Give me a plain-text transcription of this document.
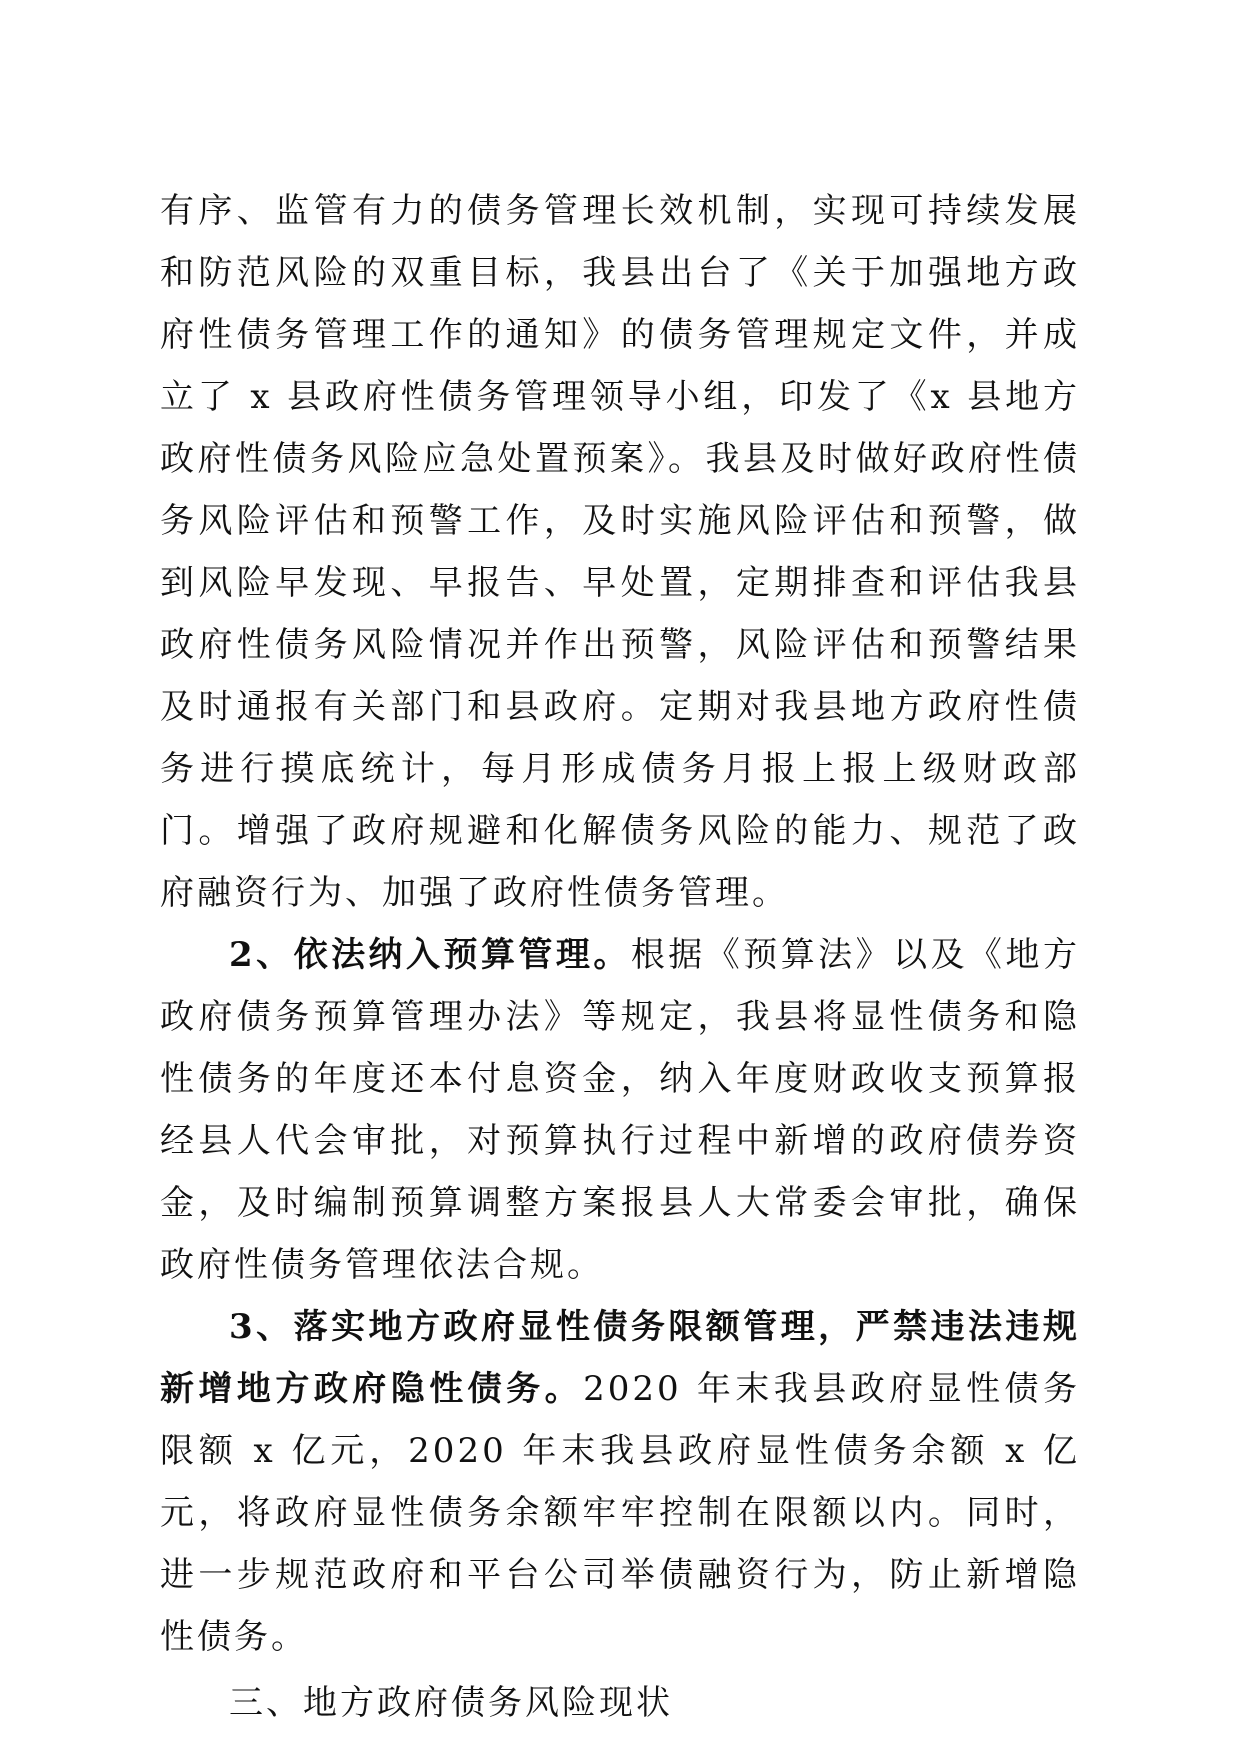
有序、监管有力的债务管理长效机制，实现可持续发展和防范风险的双重目标，我县出台了《关于加强地方政府性债务管理工作的通知》的债务管理规定文件，并成立了 x 县政府性债务管理领导小组，印发了《x 县地方政府性债务风险应急处置预案》。我县及时做好政府性债务风险评估和预警工作，及时实施风险评估和预警，做到风险早发现、早报告、早处置，定期排查和评估我县政府性债务风险情况并作出预警，风险评估和预警结果及时通报有关部门和县政府。定期对我县地方政府性债务进行摸底统计，每月形成债务月报上报上级财政部门。增强了政府规避和化解债务风险的能力、规范了政府融资行为、加强了政府性债务管理。

2、依法纳入预算管理。根据《预算法》以及《地方政府债务预算管理办法》等规定，我县将显性债务和隐性债务的年度还本付息资金，纳入年度财政收支预算报经县人代会审批，对预算执行过程中新增的政府债券资金，及时编制预算调整方案报县人大常委会审批，确保政府性债务管理依法合规。

3、落实地方政府显性债务限额管理，严禁违法违规新增地方政府隐性债务。2020 年末我县政府显性债务限额 x 亿元，2020 年末我县政府显性债务余额 x 亿元，将政府显性债务余额牢牢控制在限额以内。同时，进一步规范政府和平台公司举债融资行为，防止新增隐性债务。

三、地方政府债务风险现状
